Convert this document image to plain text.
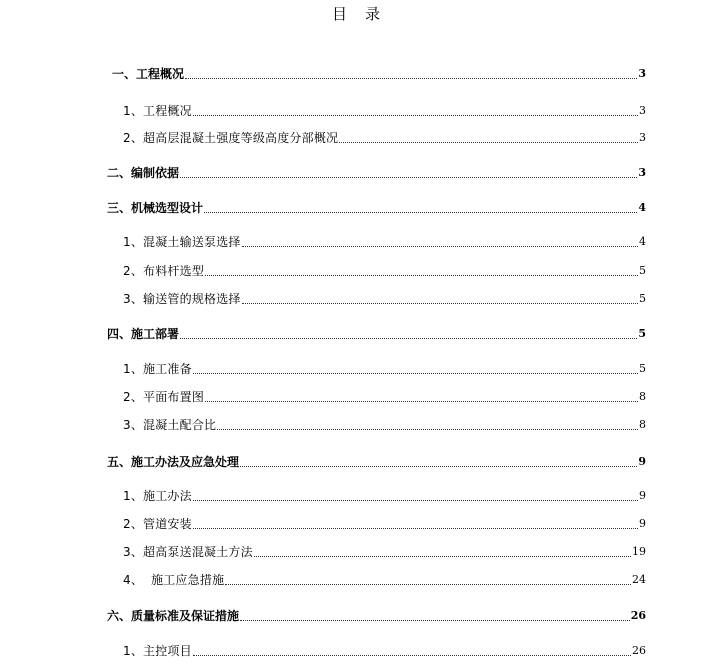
目 录
一、工程概况	3
1、工程概况	3
2、超高层混凝土强度等级高度分部概况	3
二、编制依据	3
三、机械选型设计	4
1、混凝土输送泵选择	4
2、布料杆选型	5
3、输送管的规格选择	5
四、施工部署	5
1、施工准备	5
2、平面布置图	8
3、混凝土配合比	8
五、施工办法及应急处理	9
1、施工办法	9
2、管道安装	9
3、超高泵送混凝土方法	19
4、  施工应急措施	24
六、质量标准及保证措施	26
1、主控项目	26
